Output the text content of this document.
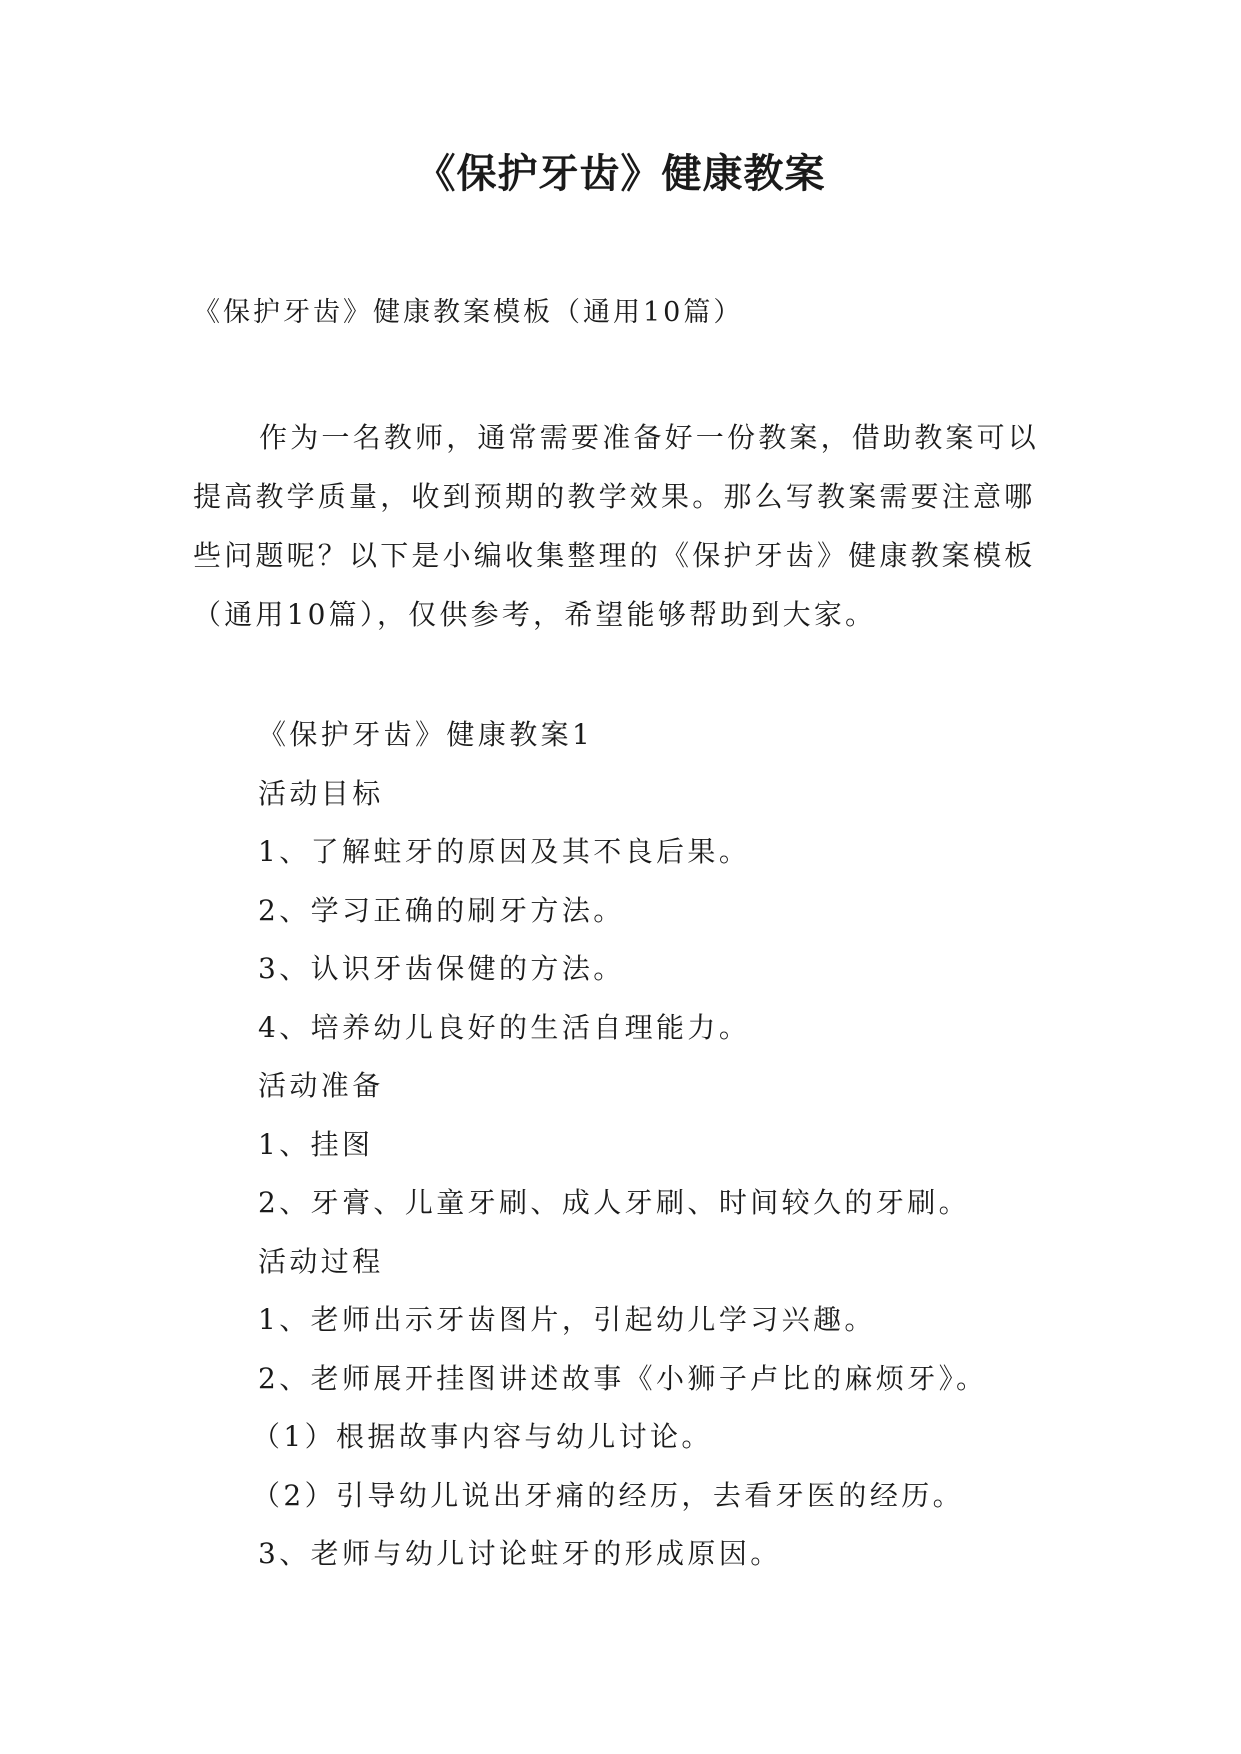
《保护牙齿》健康教案

《保护牙齿》健康教案模板（通用10篇）

作为一名教师，通常需要准备好一份教案，借助教案可以提高教学质量，收到预期的教学效果。那么写教案需要注意哪些问题呢？以下是小编收集整理的《保护牙齿》健康教案模板（通用10篇），仅供参考，希望能够帮助到大家。

《保护牙齿》健康教案1

活动目标

1、了解蛀牙的原因及其不良后果。

2、学习正确的刷牙方法。

3、认识牙齿保健的方法。

4、培养幼儿良好的生活自理能力。

活动准备

1、挂图

2、牙膏、儿童牙刷、成人牙刷、时间较久的牙刷。

活动过程

1、老师出示牙齿图片，引起幼儿学习兴趣。

2、老师展开挂图讲述故事《小狮子卢比的麻烦牙》。

（1）根据故事内容与幼儿讨论。

（2）引导幼儿说出牙痛的经历，去看牙医的经历。

3、老师与幼儿讨论蛀牙的形成原因。
